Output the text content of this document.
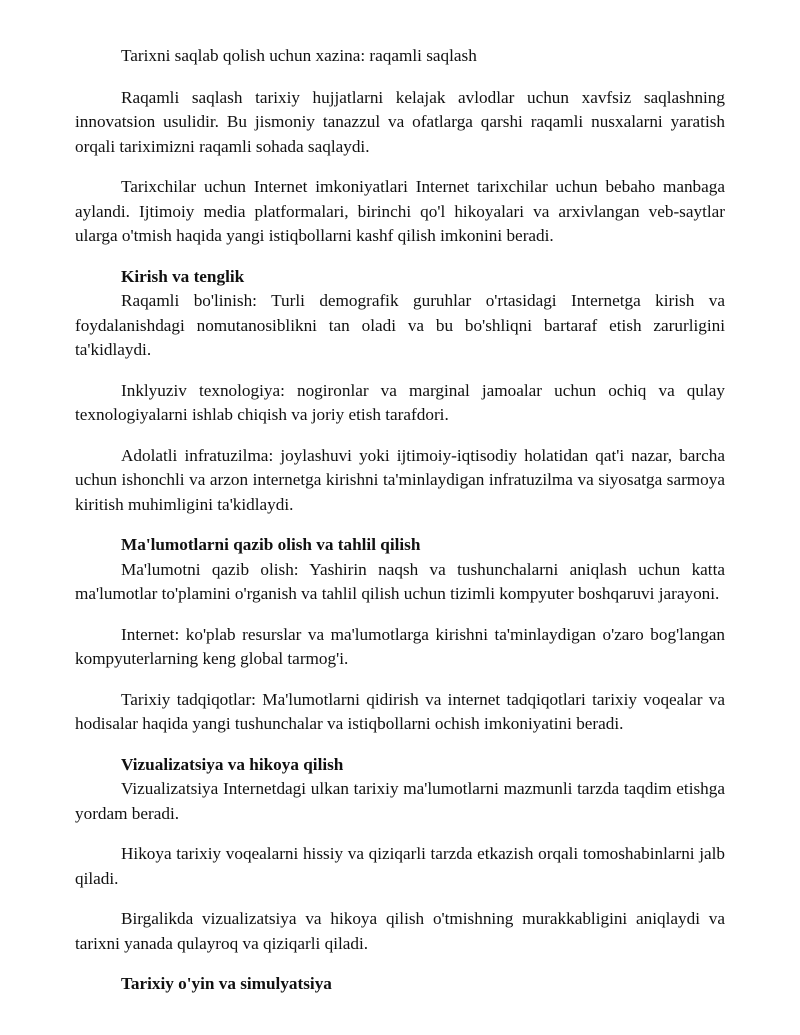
Tarixni saqlab qolish uchun xazina: raqamli saqlash

Raqamli saqlash tarixiy hujjatlarni kelajak avlodlar uchun xavfsiz saqlashning innovatsion usulidir. Bu jismoniy tanazzul va ofatlarga qarshi raqamli nusxalarni yaratish orqali tariximizni raqamli sohada saqlaydi.

Tarixchilar uchun Internet imkoniyatlari Internet tarixchilar uchun bebaho manbaga aylandi. Ijtimoiy media platformalari, birinchi qo'l hikoyalari va arxivlangan veb-saytlar ularga o'tmish haqida yangi istiqbollarni kashf qilish imkonini beradi.

Kirish va tenglik

Raqamli bo'linish: Turli demografik guruhlar o'rtasidagi Internetga kirish va foydalanishdagi nomutanosiblikni tan oladi va bu bo'shliqni bartaraf etish zarurligini ta'kidlaydi.

Inklyuziv texnologiya: nogironlar va marginal jamoalar uchun ochiq va qulay texnologiyalarni ishlab chiqish va joriy etish tarafdori.

Adolatli infratuzilma: joylashuvi yoki ijtimoiy-iqtisodiy holatidan qat'i nazar, barcha uchun ishonchli va arzon internetga kirishni ta'minlaydigan infratuzilma va siyosatga sarmoya kiritish muhimligini ta'kidlaydi.

Ma'lumotlarni qazib olish va tahlil qilish

Ma'lumotni qazib olish: Yashirin naqsh va tushunchalarni aniqlash uchun katta ma'lumotlar to'plamini o'rganish va tahlil qilish uchun tizimli kompyuter boshqaruvi jarayoni.

Internet: ko'plab resurslar va ma'lumotlarga kirishni ta'minlaydigan o'zaro bog'langan kompyuterlarning keng global tarmog'i.

Tarixiy tadqiqotlar: Ma'lumotlarni qidirish va internet tadqiqotlari tarixiy voqealar va hodisalar haqida yangi tushunchalar va istiqbollarni ochish imkoniyatini beradi.

Vizualizatsiya va hikoya qilish

Vizualizatsiya Internetdagi ulkan tarixiy ma'lumotlarni mazmunli tarzda taqdim etishga yordam beradi.

Hikoya tarixiy voqealarni hissiy va qiziqarli tarzda etkazish orqali tomoshabinlarni jalb qiladi.

Birgalikda vizualizatsiya va hikoya qilish o'tmishning murakkabligini aniqlaydi va tarixni yanada qulayroq va qiziqarli qiladi.

Tarixiy o'yin va simulyatsiya
